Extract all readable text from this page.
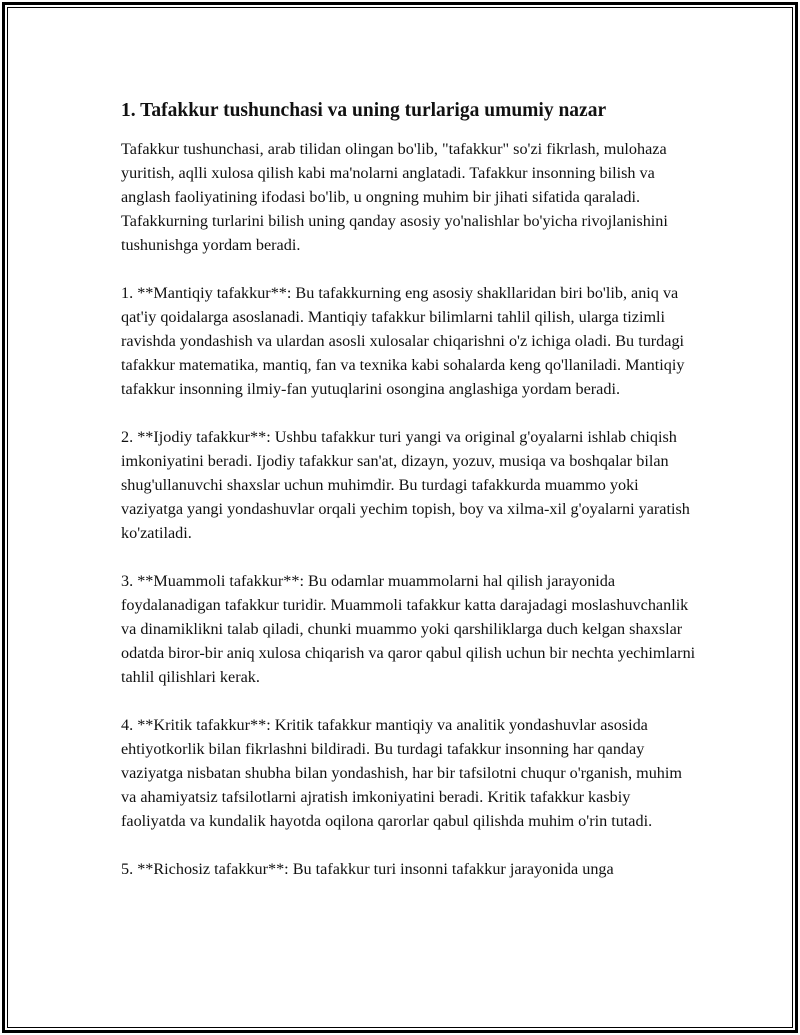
1. Tafakkur tushunchasi va uning turlariga umumiy nazar

Tafakkur tushunchasi, arab tilidan olingan bo'lib, "tafakkur" so'zi fikrlash, mulohaza yuritish, aqlli xulosa qilish kabi ma'nolarni anglatadi. Tafakkur insonning bilish va anglash faoliyatining ifodasi bo'lib, u ongning muhim bir jihati sifatida qaraladi. Tafakkurning turlarini bilish uning qanday asosiy yo'nalishlar bo'yicha rivojlanishini tushunishga yordam beradi.

1. **Mantiqiy tafakkur**: Bu tafakkurning eng asosiy shakllaridan biri bo'lib, aniq va qat'iy qoidalarga asoslanadi. Mantiqiy tafakkur bilimlarni tahlil qilish, ularga tizimli ravishda yondashish va ulardan asosli xulosalar chiqarishni o'z ichiga oladi. Bu turdagi tafakkur matematika, mantiq, fan va texnika kabi sohalarda keng qo'llaniladi. Mantiqiy tafakkur insonning ilmiy-fan yutuqlarini osongina anglashiga yordam beradi.

2. **Ijodiy tafakkur**: Ushbu tafakkur turi yangi va original g'oyalarni ishlab chiqish imkoniyatini beradi. Ijodiy tafakkur san'at, dizayn, yozuv, musiqa va boshqalar bilan shug'ullanuvchi shaxslar uchun muhimdir. Bu turdagi tafakkurda muammo yoki vaziyatga yangi yondashuvlar orqali yechim topish, boy va xilma-xil g'oyalarni yaratish ko'zatiladi.

3. **Muammoli tafakkur**: Bu odamlar muammolarni hal qilish jarayonida foydalanadigan tafakkur turidir. Muammoli tafakkur katta darajadagi moslashuvchanlik va dinamiklikni talab qiladi, chunki muammo yoki qarshiliklarga duch kelgan shaxslar odatda biror-bir aniq xulosa chiqarish va qaror qabul qilish uchun bir nechta yechimlarni tahlil qilishlari kerak.

4. **Kritik tafakkur**: Kritik tafakkur mantiqiy va analitik yondashuvlar asosida ehtiyotkorlik bilan fikrlashni bildiradi. Bu turdagi tafakkur insonning har qanday vaziyatga nisbatan shubha bilan yondashish, har bir tafsilotni chuqur o'rganish, muhim va ahamiyatsiz tafsilotlarni ajratish imkoniyatini beradi. Kritik tafakkur kasbiy faoliyatda va kundalik hayotda oqilona qarorlar qabul qilishda muhim o'rin tutadi.

5. **Richosiz tafakkur**: Bu tafakkur turi insonni tafakkur jarayonida unga
